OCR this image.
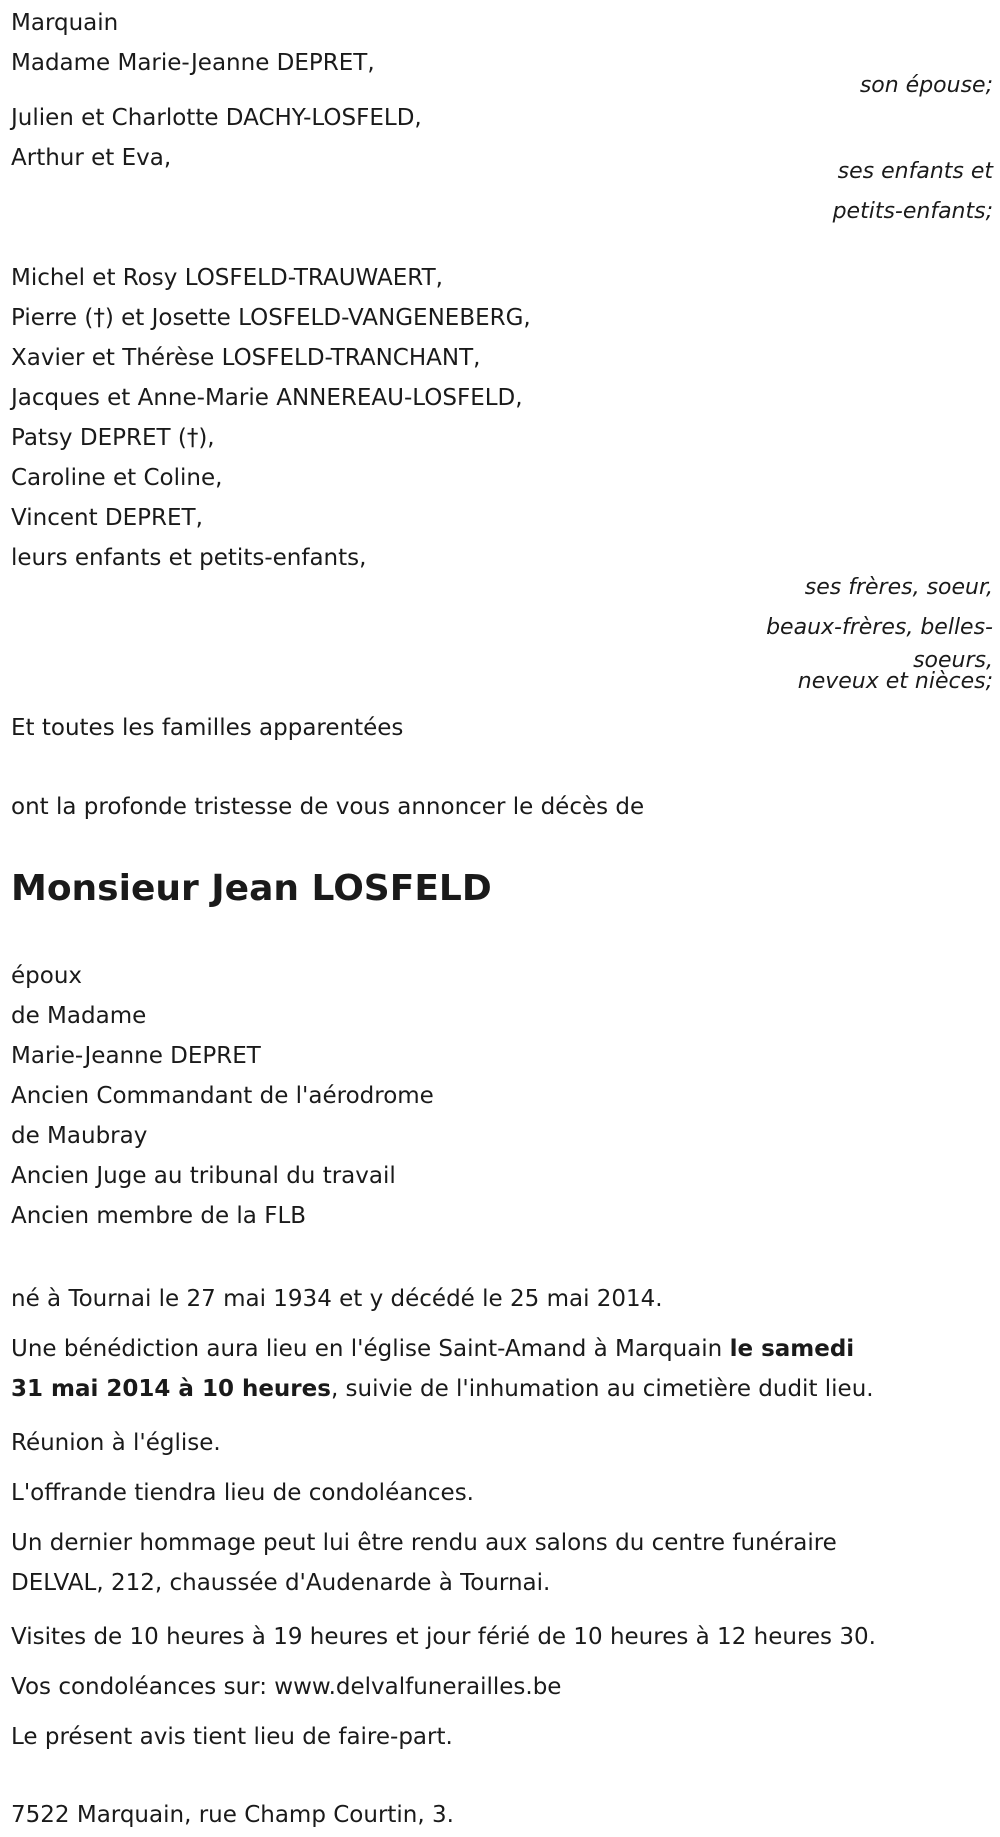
Marquain
Madame Marie-Jeanne DEPRET,
son épouse;
Julien et Charlotte DACHY-LOSFELD,
Arthur et Eva,
ses enfants et
petits-enfants;
Michel et Rosy LOSFELD-TRAUWAERT,
Pierre (†) et Josette LOSFELD-VANGENEBERG,
Xavier et Thérèse LOSFELD-TRANCHANT,
Jacques et Anne-Marie ANNEREAU-LOSFELD,
Patsy DEPRET (†),
Caroline et Coline,
Vincent DEPRET,
leurs enfants et petits-enfants,
ses frères, soeur,
beaux-frères, belles-
soeurs,
neveux et nièces;
Et toutes les familles apparentées
ont la profonde tristesse de vous annoncer le décès de
Monsieur Jean LOSFELD
époux
de Madame
Marie-Jeanne DEPRET
Ancien Commandant de l'aérodrome
de Maubray
Ancien Juge au tribunal du travail
Ancien membre de la FLB
né à Tournai le 27 mai 1934 et y décédé le 25 mai 2014.
Une bénédiction aura lieu en l'église Saint-Amand à Marquain le samedi
31 mai 2014 à 10 heures, suivie de l'inhumation au cimetière dudit lieu.
Réunion à l'église.
L'offrande tiendra lieu de condoléances.
Un dernier hommage peut lui être rendu aux salons du centre funéraire
DELVAL, 212, chaussée d'Audenarde à Tournai.
Visites de 10 heures à 19 heures et jour férié de 10 heures à 12 heures 30.
Vos condoléances sur: www.delvalfunerailles.be
Le présent avis tient lieu de faire-part.
7522 Marquain, rue Champ Courtin, 3.
